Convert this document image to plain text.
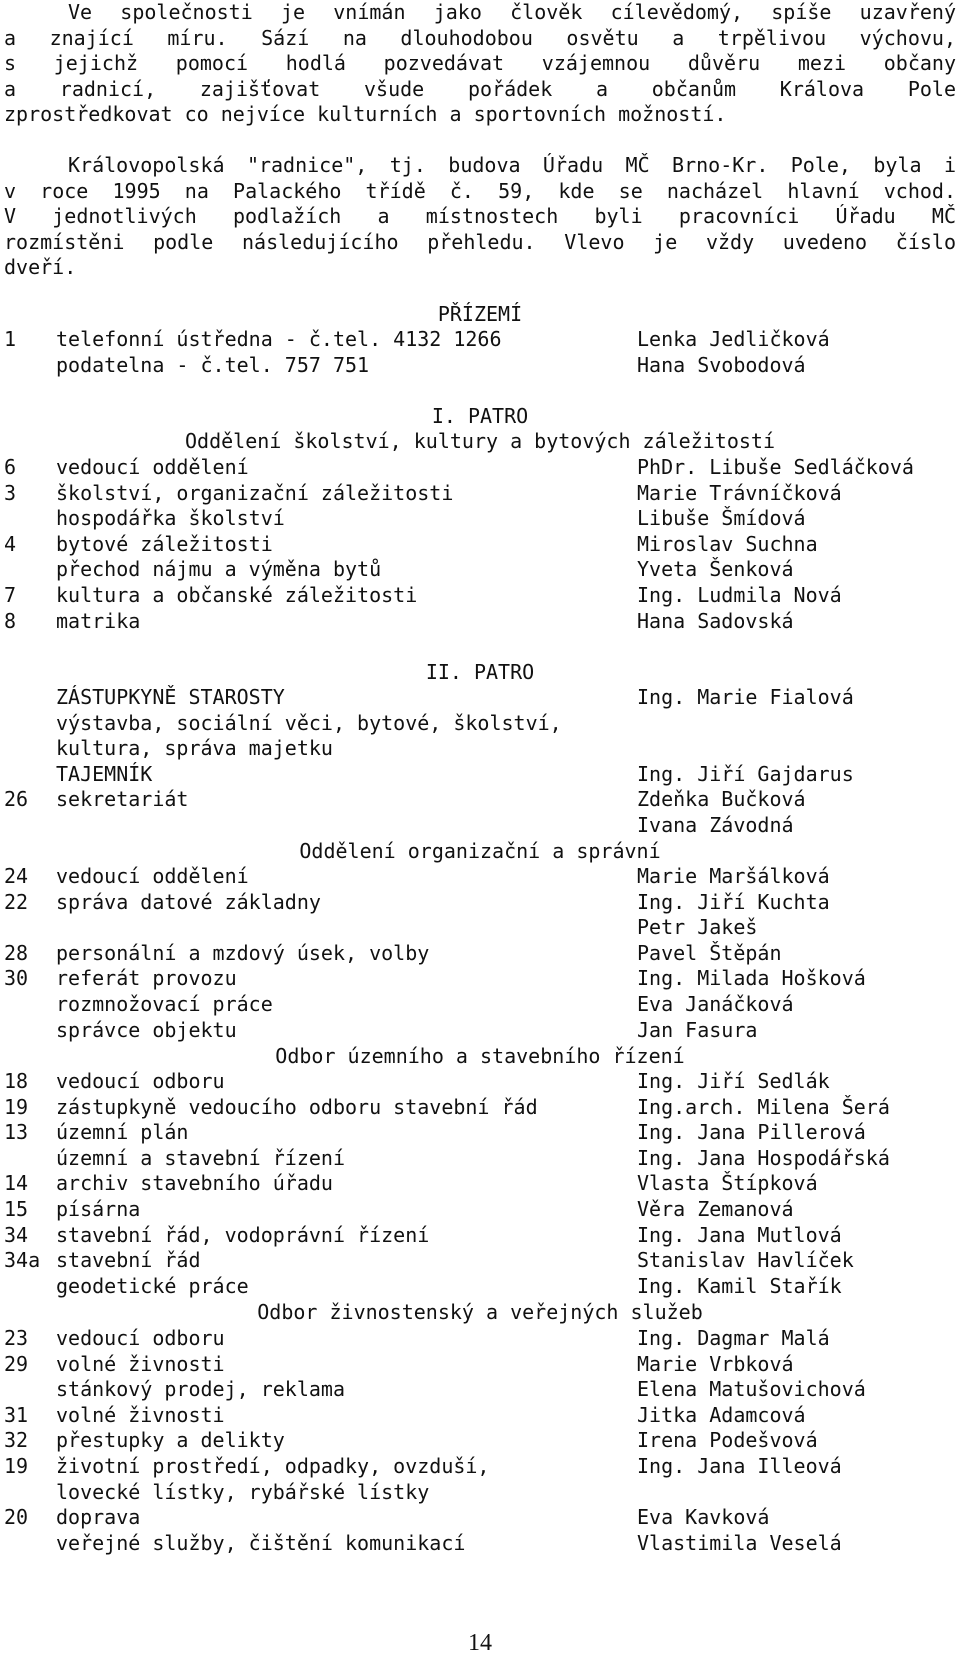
Ve společnosti je vnímán jako člověk cílevědomý, spíše uzavřený
a znající míru. Sází na dlouhodobou osvětu a trpělivou výchovu,
s jejichž pomocí hodlá pozvedávat vzájemnou důvěru mezi občany
a radnicí, zajišťovat všude pořádek a občanům Králova Pole
zprostředkovat co nejvíce kulturních a sportovních možností.
Královopolská "radnice", tj. budova Úřadu MČ Brno-Kr. Pole, byla i
v roce 1995 na Palackého třídě č. 59, kde se nacházel hlavní vchod.
V jednotlivých podlažích a místnostech byli pracovníci Úřadu MČ
rozmístěni podle následujícího přehledu. Vlevo je vždy uvedeno číslo
dveří.
PŘÍZEMÍ
1 telefonní ústředna - č.tel. 4132 1266	Lenka Jedličková
podatelna - č.tel. 757 751	Hana Svobodová
I. PATRO
Oddělení školství, kultury a bytových záležitostí
6 vedoucí oddělení	PhDr. Libuše Sedláčková
3 školství, organizační záležitosti	Marie Trávníčková
hospodářka školství	Libuše Šmídová
4 bytové záležitosti	Miroslav Suchna
přechod nájmu a výměna bytů	Yveta Šenková
7 kultura a občanské záležitosti	Ing. Ludmila Nová
8 matrika	Hana Sadovská
II. PATRO
ZÁSTUPKYNĚ STAROSTY	Ing. Marie Fialová
výstavba, sociální věci, bytové, školství,
kultura, správa majetku
TAJEMNÍK	Ing. Jiří Gajdarus
26 sekretariát	Zdeňka Bučková
Ivana Závodná
Oddělení organizační a správní
24 vedoucí oddělení	Marie Maršálková
22 správa datové základny	Ing. Jiří Kuchta
Petr Jakeš
28 personální a mzdový úsek, volby	Pavel Štěpán
30 referát provozu	Ing. Milada Hošková
rozmnožovací práce	Eva Janáčková
správce objektu	Jan Fasura
Odbor územního a stavebního řízení
18 vedoucí odboru	Ing. Jiří Sedlák
19 zástupkyně vedoucího odboru stavební řád	Ing.arch. Milena Šerá
13 územní plán	Ing. Jana Pillerová
územní a stavební řízení	Ing. Jana Hospodářská
14 archiv stavebního úřadu	Vlasta Štípková
15 písárna	Věra Zemanová
34 stavební řád, vodoprávní řízení	Ing. Jana Mutlová
34a stavební řád	Stanislav Havlíček
geodetické práce	Ing. Kamil Stařík
Odbor živnostenský a veřejných služeb
23 vedoucí odboru	Ing. Dagmar Malá
29 volné živnosti	Marie Vrbková
stánkový prodej, reklama	Elena Matušovichová
31 volné živnosti	Jitka Adamcová
32 přestupky a delikty	Irena Podešvová
19 životní prostředí, odpadky, ovzduší,	Ing. Jana Illeová
lovecké lístky, rybářské lístky
20 doprava	Eva Kavková
veřejné služby, čištění komunikací	Vlastimila Veselá
14
